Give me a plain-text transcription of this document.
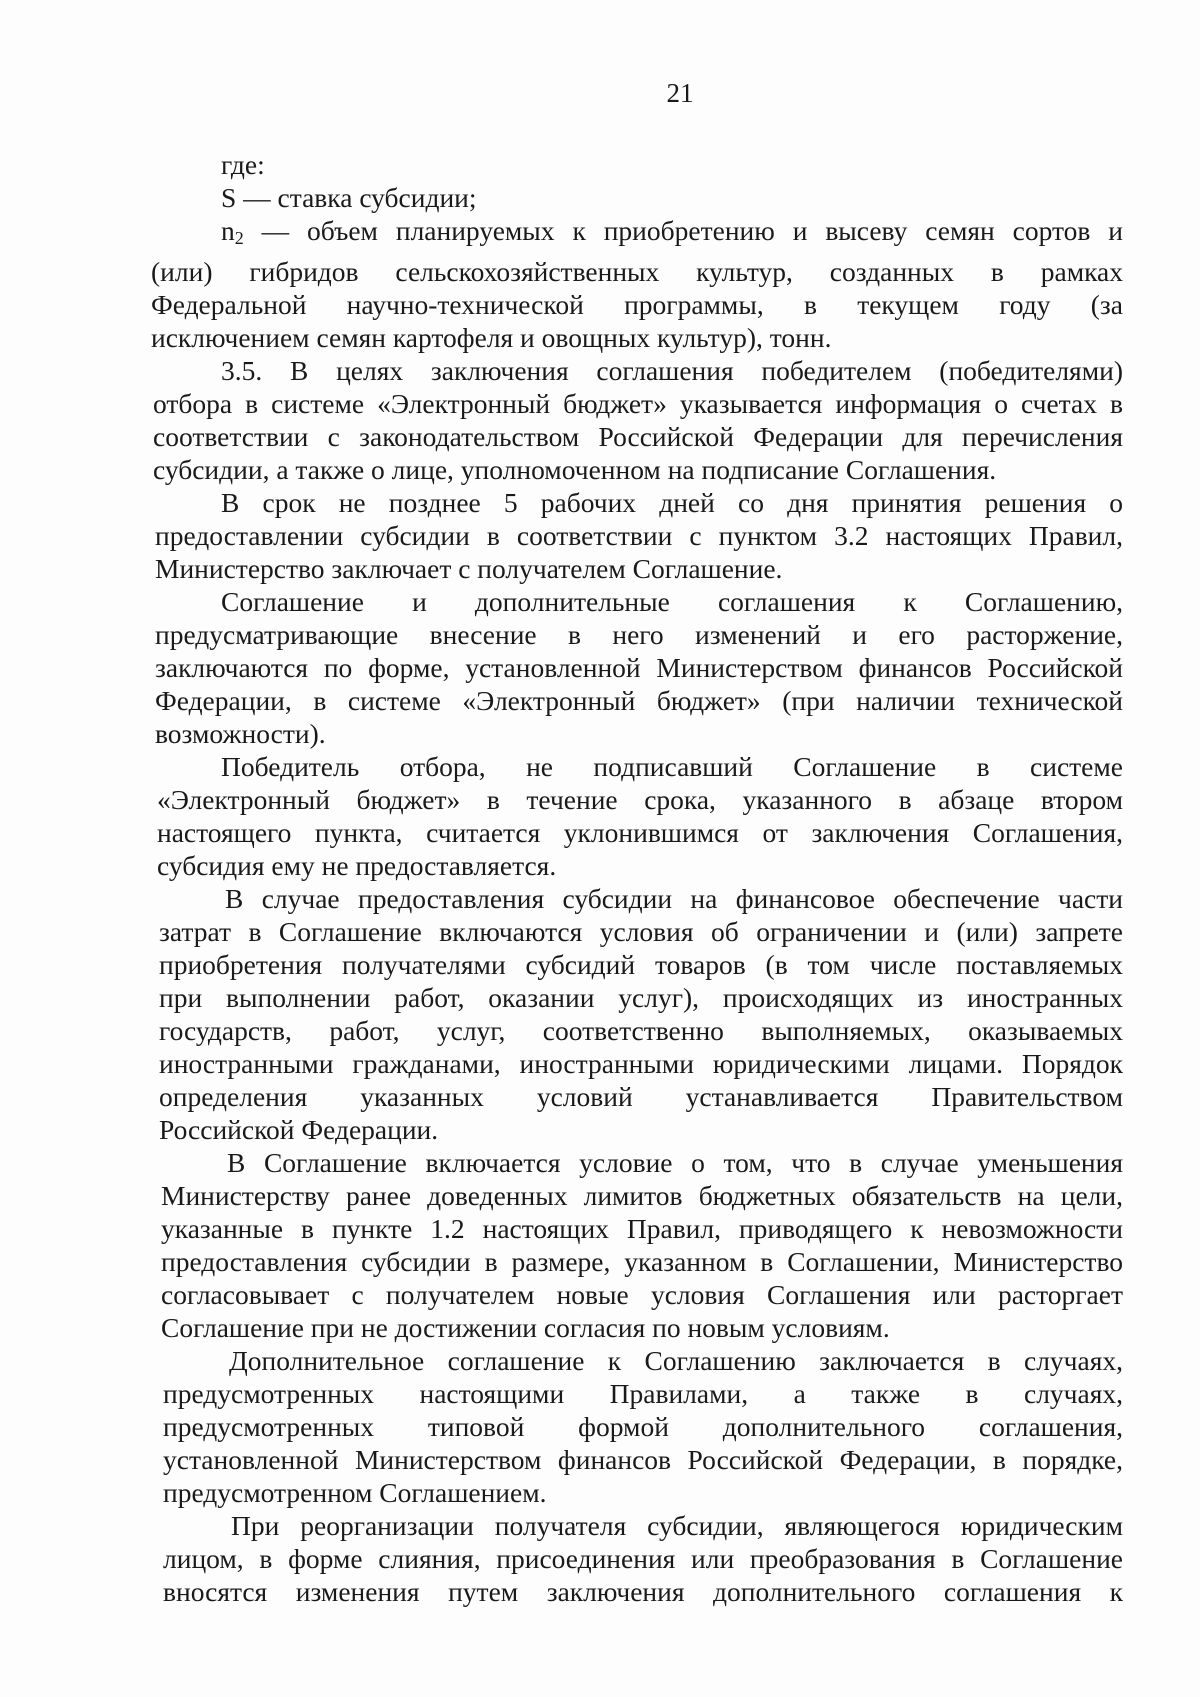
21
где:
S — ставка субсидии;
$n_2$ — объем планируемых к приобретению и высеву семян сортов и
(или) гибридов сельскохозяйственных культур, созданных в рамках
Федеральной научно-технической программы, в текущем году (за
исключением семян картофеля и овощных культур), тонн.
3.5. В целях заключения соглашения победителем (победителями)
отбора в системе «Электронный бюджет» указывается информация о счетах в
соответствии с законодательством Российской Федерации для перечисления
субсидии, а также о лице, уполномоченном на подписание Соглашения.
В срок не позднее 5 рабочих дней со дня принятия решения о
предоставлении субсидии в соответствии с пунктом 3.2 настоящих Правил,
Министерство заключает с получателем Соглашение.
Соглашение и дополнительные соглашения к Соглашению,
предусматривающие внесение в него изменений и его расторжение,
заключаются по форме, установленной Министерством финансов Российской
Федерации, в системе «Электронный бюджет» (при наличии технической
возможности).
Победитель отбора, не подписавший Соглашение в системе
«Электронный бюджет» в течение срока, указанного в абзаце втором
настоящего пункта, считается уклонившимся от заключения Соглашения,
субсидия ему не предоставляется.
В случае предоставления субсидии на финансовое обеспечение части
затрат в Соглашение включаются условия об ограничении и (или) запрете
приобретения получателями субсидий товаров (в том числе поставляемых
при выполнении работ, оказании услуг), происходящих из иностранных
государств, работ, услуг, соответственно выполняемых, оказываемых
иностранными гражданами, иностранными юридическими лицами. Порядок
определения указанных условий устанавливается Правительством
Российской Федерации.
В Соглашение включается условие о том, что в случае уменьшения
Министерству ранее доведенных лимитов бюджетных обязательств на цели,
указанные в пункте 1.2 настоящих Правил, приводящего к невозможности
предоставления субсидии в размере, указанном в Соглашении, Министерство
согласовывает с получателем новые условия Соглашения или расторгает
Соглашение при не достижении согласия по новым условиям.
Дополнительное соглашение к Соглашению заключается в случаях,
предусмотренных настоящими Правилами, а также в случаях,
предусмотренных типовой формой дополнительного соглашения,
установленной Министерством финансов Российской Федерации, в порядке,
предусмотренном Соглашением.
При реорганизации получателя субсидии, являющегося юридическим
лицом, в форме слияния, присоединения или преобразования в Соглашение
вносятся изменения путем заключения дополнительного соглашения к
